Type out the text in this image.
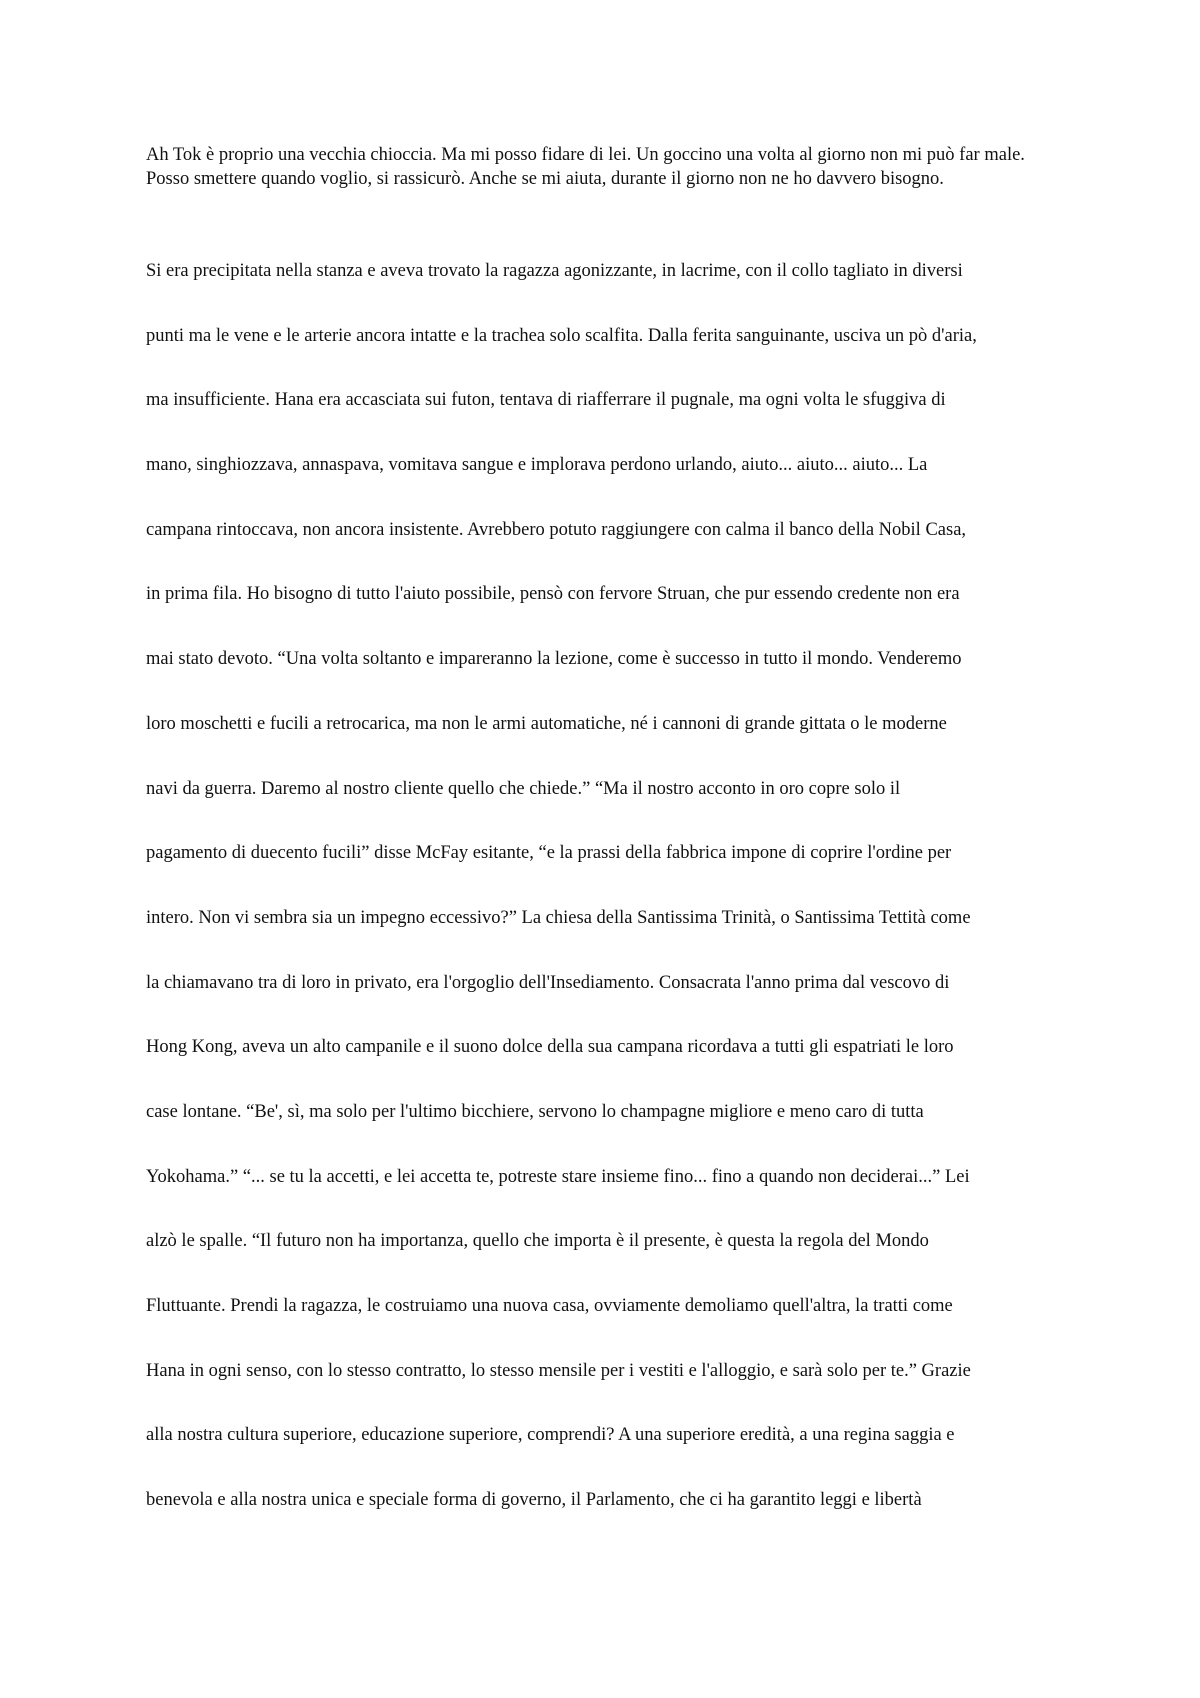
Ah Tok è proprio una vecchia chioccia. Ma mi posso fidare di lei. Un goccino una volta al giorno non mi può far male. Posso smettere quando voglio, si rassicurò. Anche se mi aiuta, durante il giorno non ne ho davvero bisogno.

Si era precipitata nella stanza e aveva trovato la ragazza agonizzante, in lacrime, con il collo tagliato in diversi
punti ma le vene e le arterie ancora intatte e la trachea solo scalfita. Dalla ferita sanguinante, usciva un pò d'aria,
ma insufficiente. Hana era accasciata sui futon, tentava di riafferrare il pugnale, ma ogni volta le sfuggiva di
mano, singhiozzava, annaspava, vomitava sangue e implorava perdono urlando, aiuto... aiuto... aiuto... La
campana rintoccava, non ancora insistente. Avrebbero potuto raggiungere con calma il banco della Nobil Casa,
in prima fila. Ho bisogno di tutto l'aiuto possibile, pensò con fervore Struan, che pur essendo credente non era
mai stato devoto. “Una volta soltanto e impareranno la lezione, come è successo in tutto il mondo. Venderemo
loro moschetti e fucili a retrocarica, ma non le armi automatiche, né i cannoni di grande gittata o le moderne
navi da guerra. Daremo al nostro cliente quello che chiede.” “Ma il nostro acconto in oro copre solo il
pagamento di duecento fucili” disse McFay esitante, “e la prassi della fabbrica impone di coprire l'ordine per
intero. Non vi sembra sia un impegno eccessivo?” La chiesa della Santissima Trinità, o Santissima Tettità come
la chiamavano tra di loro in privato, era l'orgoglio dell'Insediamento. Consacrata l'anno prima dal vescovo di
Hong Kong, aveva un alto campanile e il suono dolce della sua campana ricordava a tutti gli espatriati le loro
case lontane. “Be', sì, ma solo per l'ultimo bicchiere, servono lo champagne migliore e meno caro di tutta
Yokohama.” “... se tu la accetti, e lei accetta te, potreste stare insieme fino... fino a quando non deciderai...” Lei
alzò le spalle. “Il futuro non ha importanza, quello che importa è il presente, è questa la regola del Mondo
Fluttuante. Prendi la ragazza, le costruiamo una nuova casa, ovviamente demoliamo quell'altra, la tratti come
Hana in ogni senso, con lo stesso contratto, lo stesso mensile per i vestiti e l'alloggio, e sarà solo per te.” Grazie
alla nostra cultura superiore, educazione superiore, comprendi? A una superiore eredità, a una regina saggia e
benevola e alla nostra unica e speciale forma di governo, il Parlamento, che ci ha garantito leggi e libertà
